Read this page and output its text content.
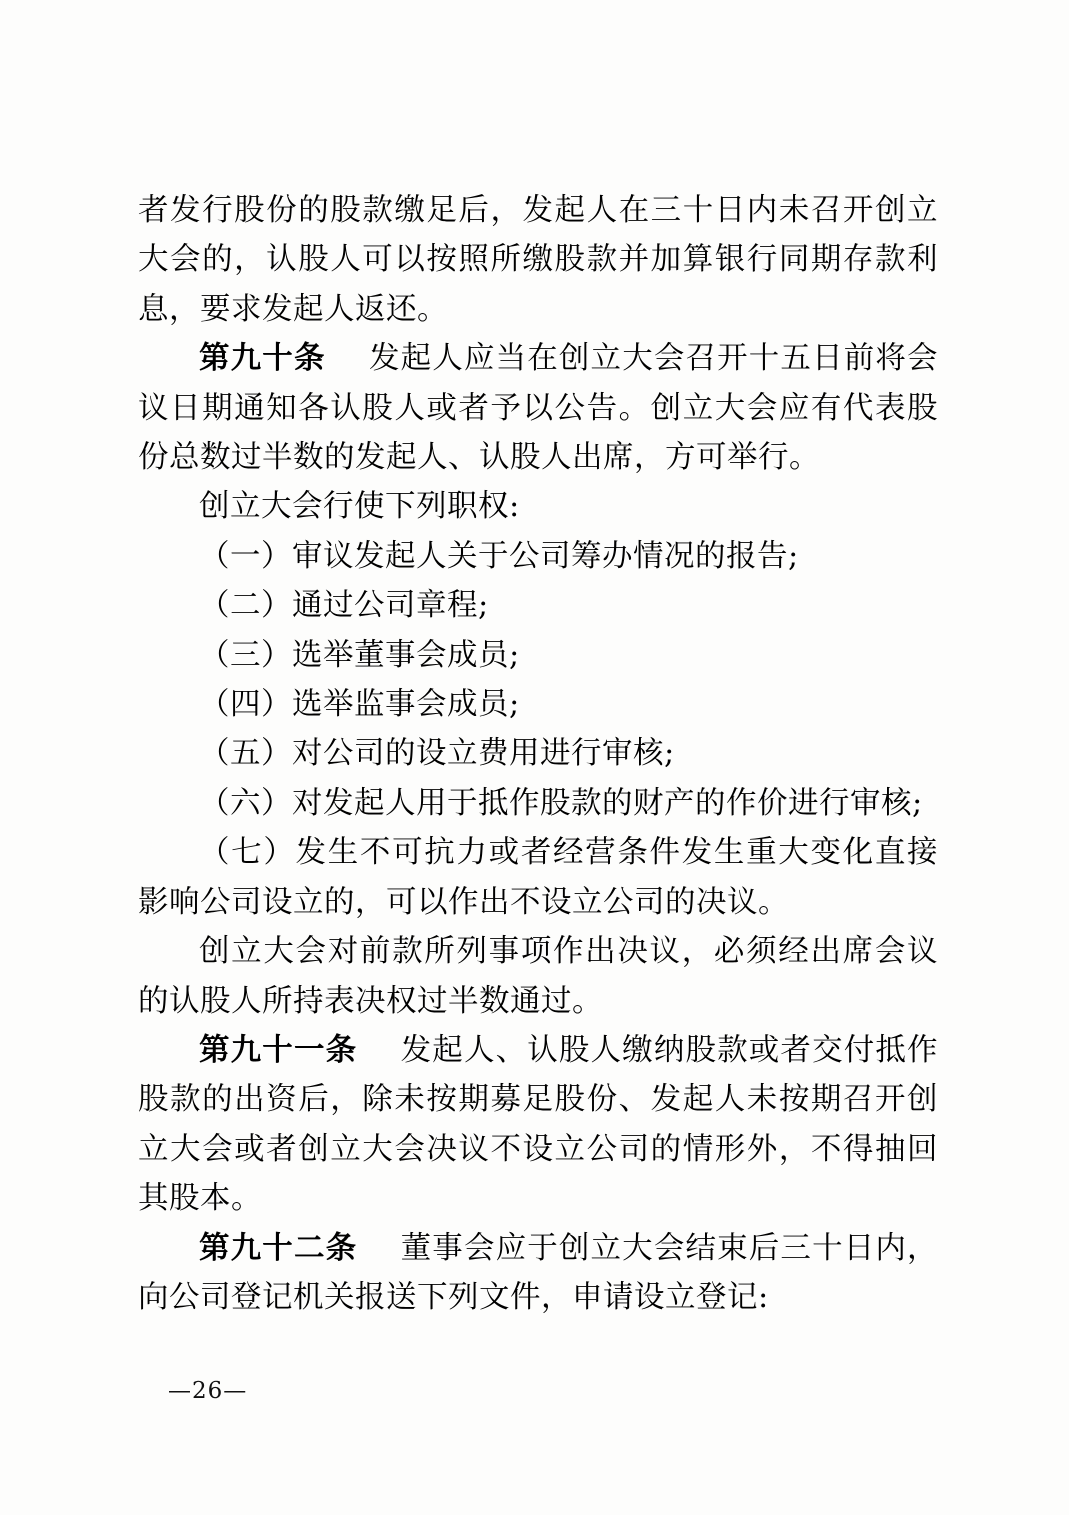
者发行股份的股款缴足后，发起人在三十日内未召开创立大会的，认股人可以按照所缴股款并加算银行同期存款利息，要求发起人返还。

第九十条 发起人应当在创立大会召开十五日前将会议日期通知各认股人或者予以公告。创立大会应有代表股份总数过半数的发起人、认股人出席，方可举行。

创立大会行使下列职权:

（一）审议发起人关于公司筹办情况的报告;

（二）通过公司章程;

（三）选举董事会成员;

（四）选举监事会成员;

（五）对公司的设立费用进行审核;

（六）对发起人用于抵作股款的财产的作价进行审核;

（七）发生不可抗力或者经营条件发生重大变化直接影响公司设立的，可以作出不设立公司的决议。

创立大会对前款所列事项作出决议，必须经出席会议的认股人所持表决权过半数通过。

第九十一条 发起人、认股人缴纳股款或者交付抵作股款的出资后，除未按期募足股份、发起人未按期召开创立大会或者创立大会决议不设立公司的情形外，不得抽回其股本。

第九十二条 董事会应于创立大会结束后三十日内，向公司登记机关报送下列文件，申请设立登记:

—26—
